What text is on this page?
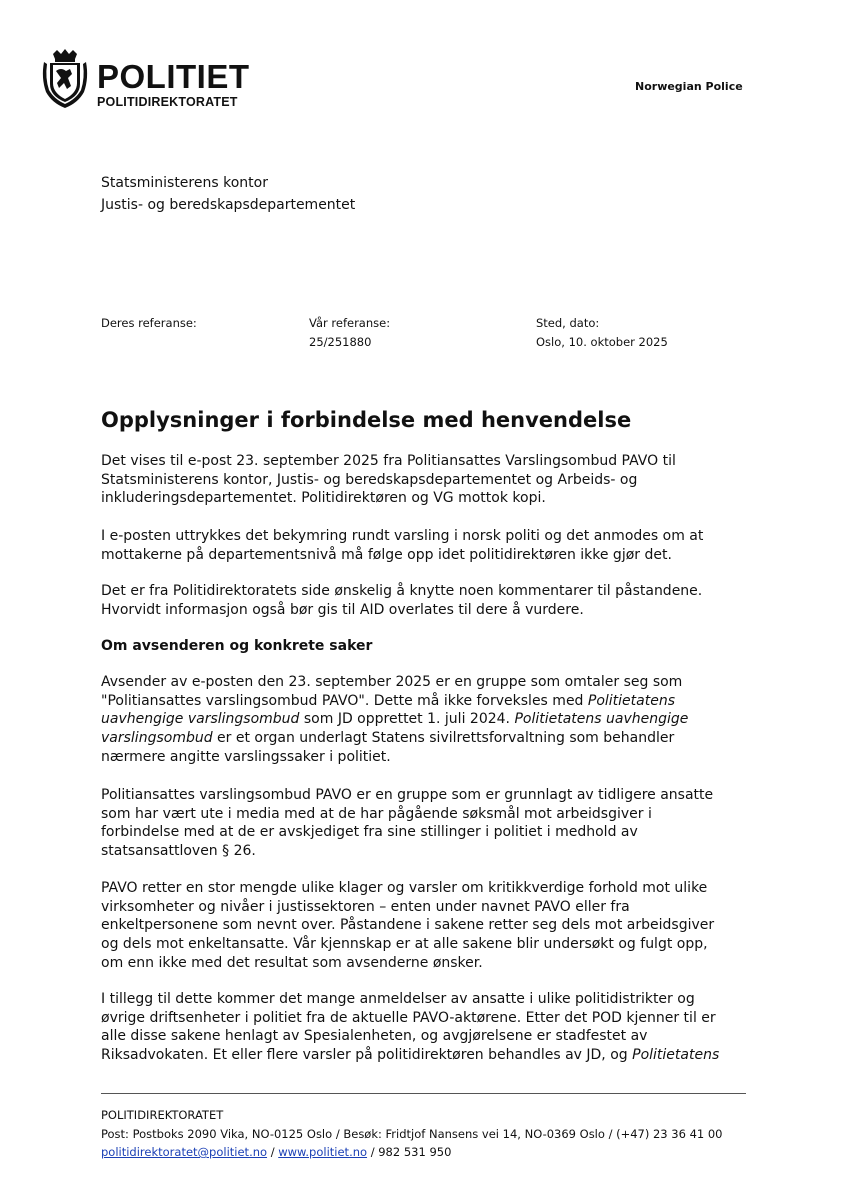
POLITIET
POLITIDIREKTORATET
Norwegian Police
Statsministerens kontor
Justis- og beredskapsdepartementet
Deres referanse:	Vår referanse:
25/251880
Sted, dato:
Oslo, 10. oktober 2025
Opplysninger i forbindelse med henvendelse
Det vises til e-post 23. september 2025 fra Politiansattes Varslingsombud PAVO til
Statsministerens kontor, Justis- og beredskapsdepartementet og Arbeids- og
inkluderingsdepartementet. Politidirektøren og VG mottok kopi.
I e-posten uttrykkes det bekymring rundt varsling i norsk politi og det anmodes om at
mottakerne på departementsnivå må følge opp idet politidirektøren ikke gjør det.
Det er fra Politidirektoratets side ønskelig å knytte noen kommentarer til påstandene.
Hvorvidt informasjon også bør gis til AID overlates til dere å vurdere.
Om avsenderen og konkrete saker
Avsender av e-posten den 23. september 2025 er en gruppe som omtaler seg som
"Politiansattes varslingsombud PAVO". Dette må ikke forveksles med Politietatens
uavhengige varslingsombud som JD opprettet 1. juli 2024. Politietatens uavhengige
varslingsombud er et organ underlagt Statens sivilrettsforvaltning som behandler
nærmere angitte varslingssaker i politiet.
Politiansattes varslingsombud PAVO er en gruppe som er grunnlagt av tidligere ansatte
som har vært ute i media med at de har pågående søksmål mot arbeidsgiver i
forbindelse med at de er avskjediget fra sine stillinger i politiet i medhold av
statsansattloven § 26.
PAVO retter en stor mengde ulike klager og varsler om kritikkverdige forhold mot ulike
virksomheter og nivåer i justissektoren – enten under navnet PAVO eller fra
enkeltpersonene som nevnt over. Påstandene i sakene retter seg dels mot arbeidsgiver
og dels mot enkeltansatte. Vår kjennskap er at alle sakene blir undersøkt og fulgt opp,
om enn ikke med det resultat som avsenderne ønsker.
I tillegg til dette kommer det mange anmeldelser av ansatte i ulike politidistrikter og
øvrige driftsenheter i politiet fra de aktuelle PAVO-aktørene. Etter det POD kjenner til er
alle disse sakene henlagt av Spesialenheten, og avgjørelsene er stadfestet av
Riksadvokaten. Et eller flere varsler på politidirektøren behandles av JD, og Politietatens
POLITIDIREKTORATET
Post: Postboks 2090 Vika, NO-0125 Oslo / Besøk: Fridtjof Nansens vei 14, NO-0369 Oslo / (+47) 23 36 41 00
politidirektoratet@politiet.no / www.politiet.no / 982 531 950
